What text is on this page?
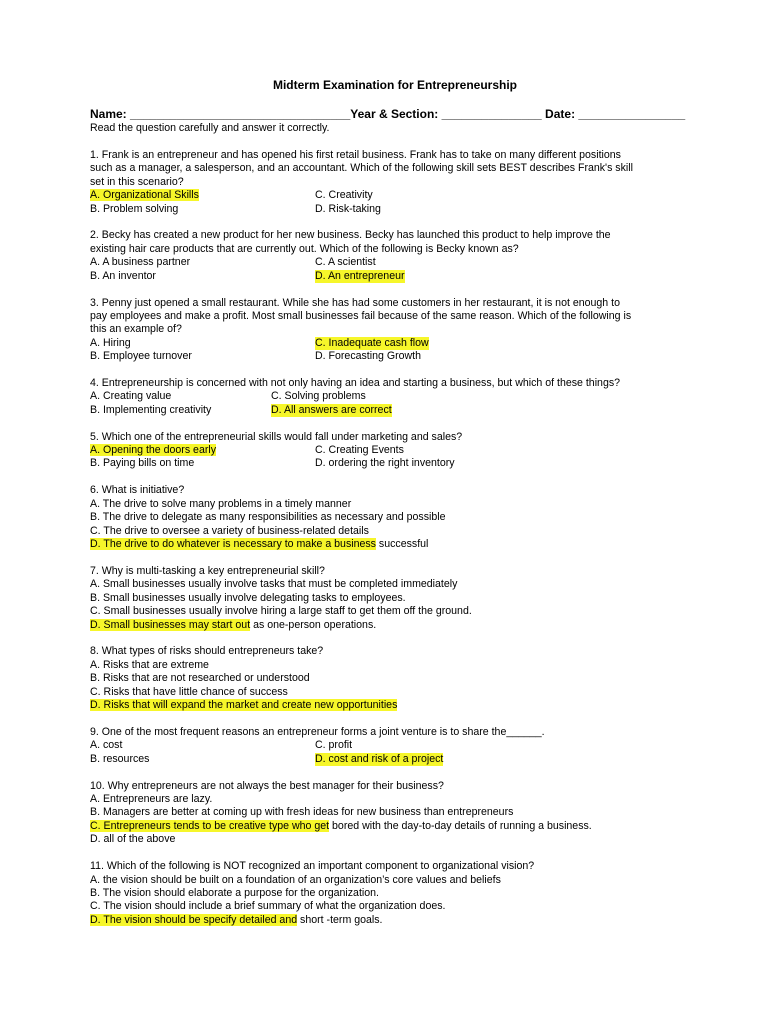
Midterm Examination for Entrepreneurship
Name: _________________________________Year & Section: _______________ Date: ________________
Read the question carefully and answer it correctly.
1. Frank is an entrepreneur and has opened his first retail business. Frank has to take on many different positions
such as a manager, a salesperson, and an accountant. Which of the following skill sets BEST describes Frank's skill
set in this scenario?
A. Organizational Skills	C. Creativity
B. Problem solving	D. Risk-taking
2. Becky has created a new product for her new business. Becky has launched this product to help improve the
existing hair care products that are currently out. Which of the following is Becky known as?
A. A business partner	C. A scientist
B. An inventor	D. An entrepreneur
3. Penny just opened a small restaurant. While she has had some customers in her restaurant, it is not enough to
pay employees and make a profit. Most small businesses fail because of the same reason. Which of the following is
this an example of?
A. Hiring	C. Inadequate cash flow
B. Employee turnover	D. Forecasting Growth
4. Entrepreneurship is concerned with not only having an idea and starting a business, but which of these things?
A. Creating value	C. Solving problems
B. Implementing creativity	D. All answers are correct
5. Which one of the entrepreneurial skills would fall under marketing and sales?
A. Opening the doors early	C. Creating Events
B. Paying bills on time	D. ordering the right inventory
6. What is initiative?
A. The drive to solve many problems in a timely manner
B. The drive to delegate as many responsibilities as necessary and possible
C. The drive to oversee a variety of business-related details
D. The drive to do whatever is necessary to make a business successful
7. Why is multi-tasking a key entrepreneurial skill?
A. Small businesses usually involve tasks that must be completed immediately
B. Small businesses usually involve delegating tasks to employees.
C. Small businesses usually involve hiring a large staff to get them off the ground.
D. Small businesses may start out as one-person operations.
8. What types of risks should entrepreneurs take?
A. Risks that are extreme
B. Risks that are not researched or understood
C. Risks that have little chance of success
D. Risks that will expand the market and create new opportunities
9. One of the most frequent reasons an entrepreneur forms a joint venture is to share the______.
A. cost	C. profit
B. resources	D. cost and risk of a project
10. Why entrepreneurs are not always the best manager for their business?
A. Entrepreneurs are lazy.
B. Managers are better at coming up with fresh ideas for new business than entrepreneurs
C. Entrepreneurs tends to be creative type who get bored with the day-to-day details of running a business.
D. all of the above
11. Which of the following is NOT recognized an important component to organizational vision?
A. the vision should be built on a foundation of an organization’s core values and beliefs
B. The vision should elaborate a purpose for the organization.
C. The vision should include a brief summary of what the organization does.
D. The vision should be specify detailed and short -term goals.
